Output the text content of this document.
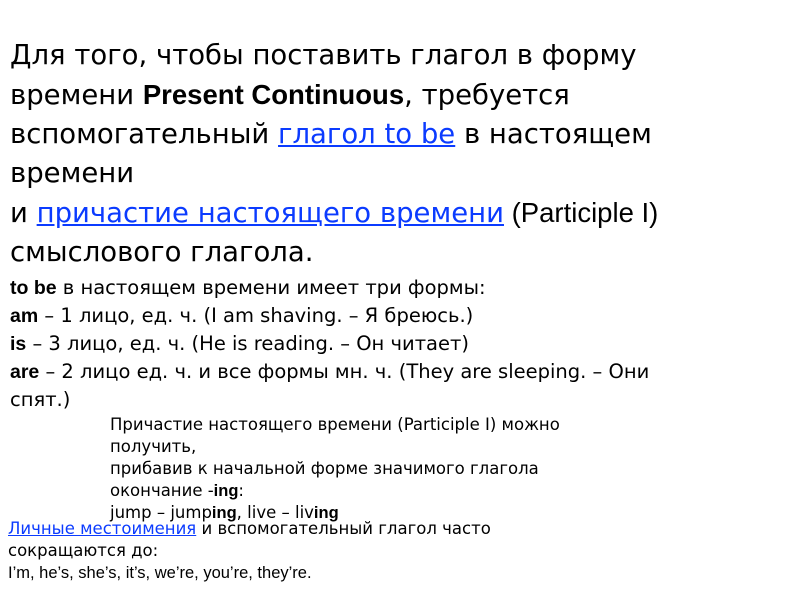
Для того, чтобы поставить глагол в форму
времени Present Continuous, требуется
вспомогательный глагол to be в настоящем
времени
и причастие настоящего времени (Participle I)
смыслового глагола.
to be в настоящем времени имеет три формы:
am – 1 лицо, ед. ч. (I am shaving. – Я бреюсь.)
is – 3 лицо, ед. ч. (He is reading. – Он читает)
are – 2 лицо ед. ч. и все формы мн. ч. (They are sleeping. – Они
спят.)
Причастие настоящего времени (Participle I) можно
получить,
прибавив к начальной форме значимого глагола
окончание -ing:
jump – jumping, live – living
Личные местоимения и вспомогательный глагол часто
сокращаются до:
I’m, he’s, she’s, it’s, we’re, you’re, they’re.
